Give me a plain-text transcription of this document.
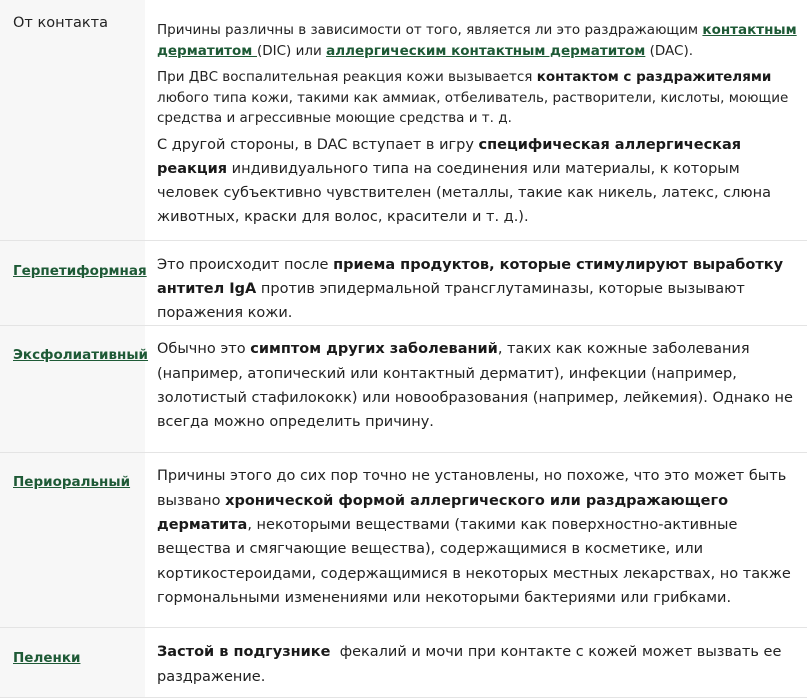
От контакта	Причины различны в зависимости от того, является ли это раздражающим контактным дерматитом (DIC) или аллергическим контактным дерматитом (DAC).

При ДВС воспалительная реакция кожи вызывается контактом с раздражителями любого типа кожи, такими как аммиак, отбеливатель, растворители, кислоты, моющие средства и агрессивные моющие средства и т. д.

С другой стороны, в DAC вступает в игру специфическая аллергическая реакция индивидуального типа на соединения или материалы, к которым человек субъективно чувствителен (металлы, такие как никель, латекс, слюна животных, краски для волос, красители и т. д.).

Герпетиформная	Это происходит после приема продуктов, которые стимулируют выработку антител IgA против эпидермальной трансглутаминазы, которые вызывают поражения кожи.

Эксфолиативный	Обычно это симптом других заболеваний, таких как кожные заболевания (например, атопический или контактный дерматит), инфекции (например, золотистый стафилококк) или новообразования (например, лейкемия). Однако не всегда можно определить причину.

Периоральный	Причины этого до сих пор точно не установлены, но похоже, что это может быть вызвано хронической формой аллергического или раздражающего дерматита, некоторыми веществами (такими как поверхностно-активные вещества и смягчающие вещества), содержащимися в косметике, или кортикостероидами, содержащимися в некоторых местных лекарствах, но также гормональными изменениями или некоторыми бактериями или грибками.

Пеленки	Застой в подгузнике  фекалий и мочи при контакте с кожей может вызвать ее раздражение.
